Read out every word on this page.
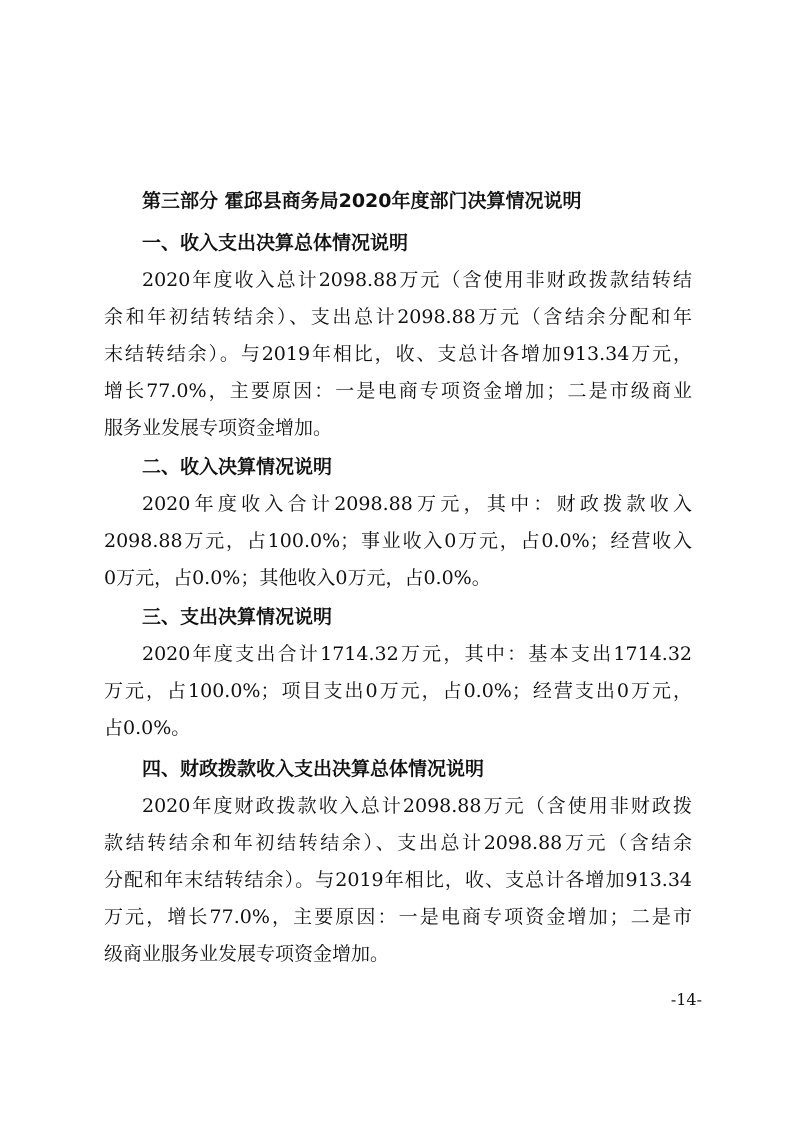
第三部分 霍邱县商务局2020年度部门决算情况说明
一、收入支出决算总体情况说明
2020年度收入总计2098.88万元（含使用非财政拨款结转结
余和年初结转结余）、支出总计2098.88万元（含结余分配和年
末结转结余）。与2019年相比，收、支总计各增加913.34万元，
增长77.0%，主要原因：一是电商专项资金增加；二是市级商业
服务业发展专项资金增加。
二、收入决算情况说明
2020年度收入合计2098.88万元，其中：财政拨款收入
2098.88万元，占100.0%；事业收入0万元，占0.0%；经营收入
0万元，占0.0%；其他收入0万元，占0.0%。
三、支出决算情况说明
2020年度支出合计1714.32万元，其中：基本支出1714.32
万元，占100.0%；项目支出0万元，占0.0%；经营支出0万元，
占0.0%。
四、财政拨款收入支出决算总体情况说明
2020年度财政拨款收入总计2098.88万元（含使用非财政拨
款结转结余和年初结转结余）、支出总计2098.88万元（含结余
分配和年末结转结余）。与2019年相比，收、支总计各增加913.34
万元，增长77.0%，主要原因：一是电商专项资金增加；二是市
级商业服务业发展专项资金增加。
-14-
